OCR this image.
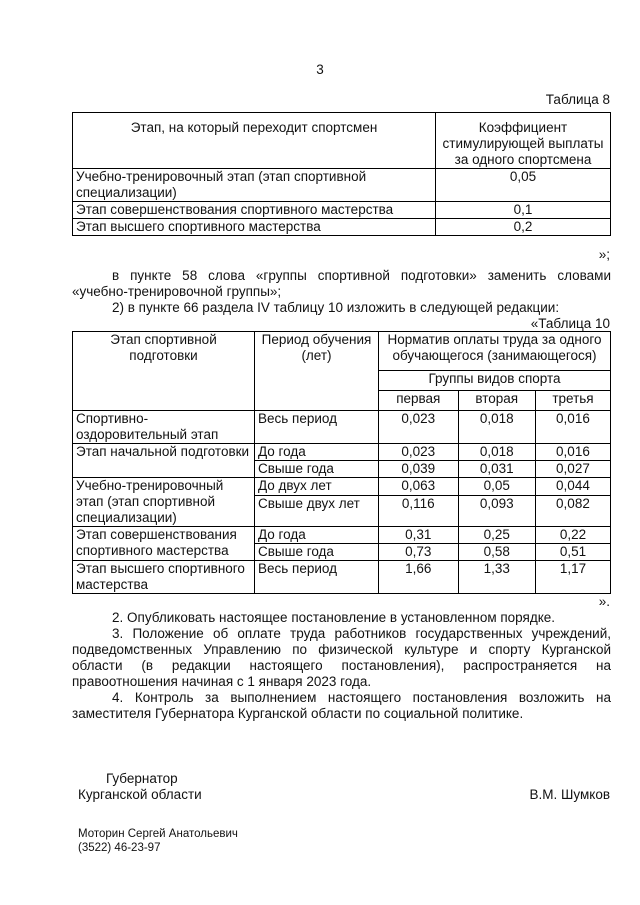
3
Таблица 8
Этап, на который переходит спортсмен	Коэффициент стимулирующей выплаты за одного спортсмена
Учебно-тренировочный этап (этап спортивной специализации)	0,05
Этап совершенствования спортивного мастерства	0,1
Этап высшего спортивного мастерства	0,2
»;
в пункте 58 слова «группы спортивной подготовки» заменить словами
«учебно-тренировочной группы»;
2) в пункте 66 раздела IV таблицу 10 изложить в следующей редакции:
«Таблица 10
Этап спортивной подготовки	Период обучения (лет)	Норматив оплаты труда за одного обучающегося (занимающегося)		
		Группы видов спорта		
		первая	вторая	третья
Спортивно-оздоровительный этап	Весь период	0,023	0,018	0,016
Этап начальной подготовки	До года	0,023	0,018	0,016
	Свыше года	0,039	0,031	0,027
Учебно-тренировочный этап (этап спортивной специализации)	До двух лет	0,063	0,05	0,044
	Свыше двух лет	0,116	0,093	0,082
Этап совершенствования спортивного мастерства	До года	0,31	0,25	0,22
	Свыше года	0,73	0,58	0,51
Этап высшего спортивного мастерства	Весь период	1,66	1,33	1,17
».
2. Опубликовать настоящее постановление в установленном порядке.
3. Положение об оплате труда работников государственных учреждений, подведомственных Управлению по физической культуре и спорту Курганской области (в редакции настоящего постановления), распространяется на правоотношения начиная с 1 января 2023 года.
4. Контроль за выполнением настоящего постановления возложить на заместителя Губернатора Курганской области по социальной политике.
Губернатор
Курганской области	В.М. Шумков
Моторин Сергей Анатольевич
(3522) 46-23-97
